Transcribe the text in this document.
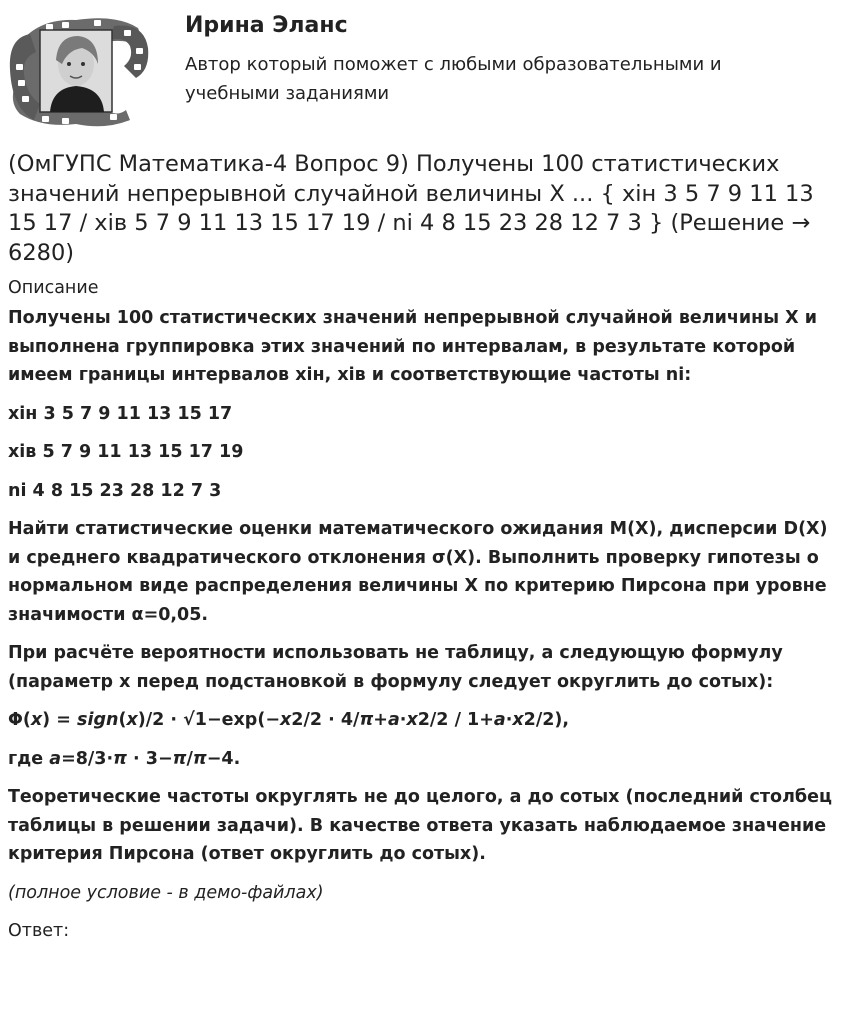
Ирина Эланс

Автор который поможет с любыми образовательными и учебными заданиями

(ОмГУПС Математика-4 Вопрос 9) Получены 100 статистических значений непрерывной случайной величины X ... { xiн 3 5 7 9 11 13 15 17 / xiв 5 7 9 11 13 15 17 19 / ni 4 8 15 23 28 12 7 3 } (Решение → 6280)

Описание

Получены 100 статистических значений непрерывной случайной величины X и выполнена группировка этих значений по интервалам, в результате которой имеем границы интервалов xiн, xiв и соответствующие частоты ni:

xiн 3 5 7 9 11 13 15 17

xiв 5 7 9 11 13 15 17 19

ni 4 8 15 23 28 12 7 3

Найти статистические оценки математического ожидания M(X), дисперсии D(X) и среднего квадратического отклонения σ(X). Выполнить проверку гипотезы о нормальном виде распределения величины X по критерию Пирсона при уровне значимости α=0,05.

При расчёте вероятности использовать не таблицу, а следующую формулу (параметр x перед подстановкой в формулу следует округлить до сотых):

Φ(x) = sign(x)/2 · √1−exp(−x2/2 · 4/π+a·x2/2 / 1+a·x2/2),

где a=8/3·π · 3−π/π−4.

Теоретические частоты округлять не до целого, а до сотых (последний столбец таблицы в решении задачи). В качестве ответа указать наблюдаемое значение критерия Пирсона (ответ округлить до сотых).

(полное условие - в демо-файлах)

Ответ:
